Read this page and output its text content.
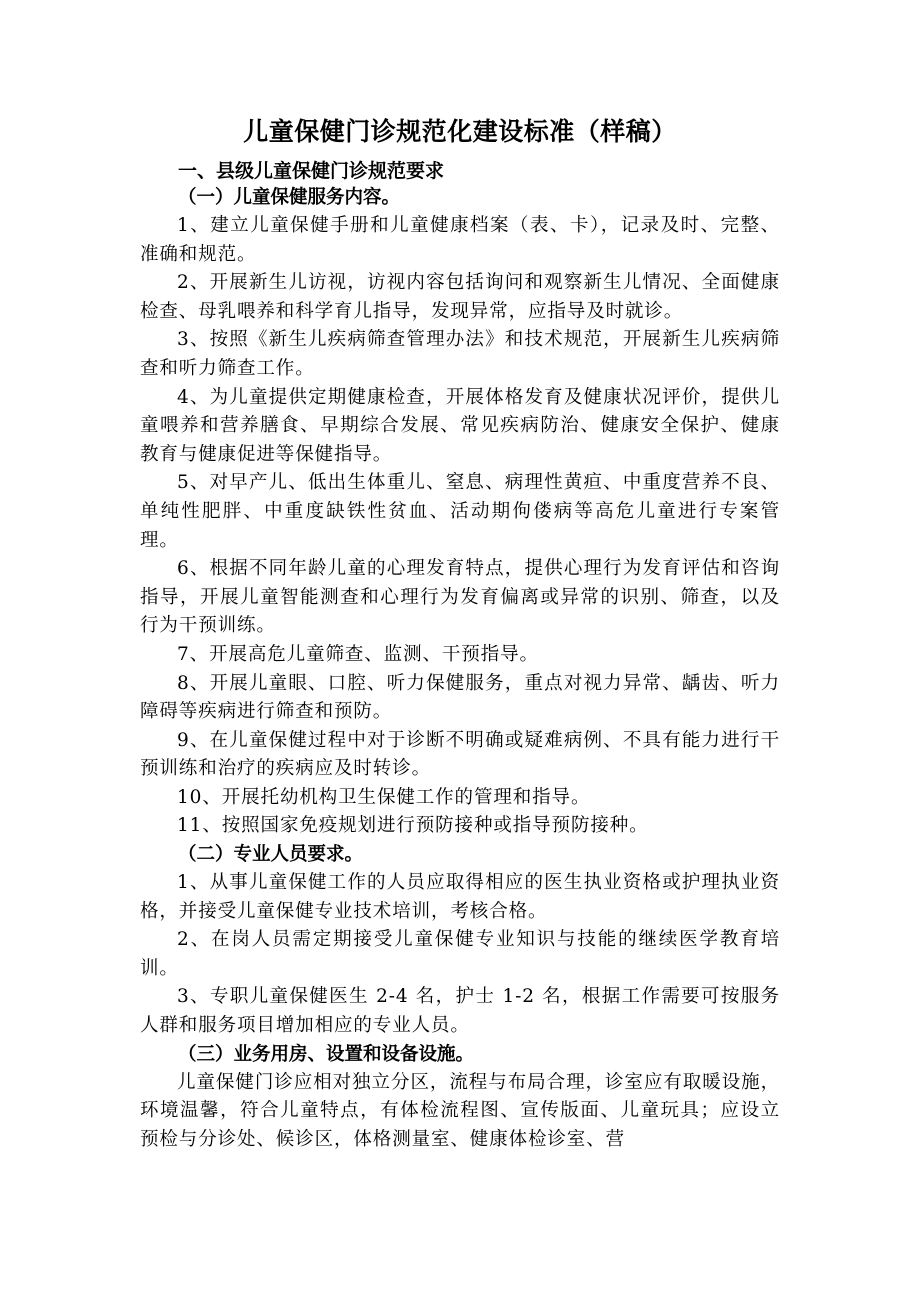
儿童保健门诊规范化建设标准（样稿）

一、县级儿童保健门诊规范要求

（一）儿童保健服务内容。

1、建立儿童保健手册和儿童健康档案（表、卡），记录及时、完整、准确和规范。

2、开展新生儿访视，访视内容包括询问和观察新生儿情况、全面健康检查、母乳喂养和科学育儿指导，发现异常，应指导及时就诊。

3、按照《新生儿疾病筛查管理办法》和技术规范，开展新生儿疾病筛查和听力筛查工作。

4、为儿童提供定期健康检查，开展体格发育及健康状况评价，提供儿童喂养和营养膳食、早期综合发展、常见疾病防治、健康安全保护、健康教育与健康促进等保健指导。

5、对早产儿、低出生体重儿、窒息、病理性黄疸、中重度营养不良、单纯性肥胖、中重度缺铁性贫血、活动期佝偻病等高危儿童进行专案管理。

6、根据不同年龄儿童的心理发育特点，提供心理行为发育评估和咨询指导，开展儿童智能测查和心理行为发育偏离或异常的识别、筛查，以及行为干预训练。

7、开展高危儿童筛查、监测、干预指导。

8、开展儿童眼、口腔、听力保健服务，重点对视力异常、龋齿、听力障碍等疾病进行筛查和预防。

9、在儿童保健过程中对于诊断不明确或疑难病例、不具有能力进行干预训练和治疗的疾病应及时转诊。

10、开展托幼机构卫生保健工作的管理和指导。

11、按照国家免疫规划进行预防接种或指导预防接种。

（二）专业人员要求。

1、从事儿童保健工作的人员应取得相应的医生执业资格或护理执业资格，并接受儿童保健专业技术培训，考核合格。

2、在岗人员需定期接受儿童保健专业知识与技能的继续医学教育培训。

3、专职儿童保健医生 2-4 名，护士 1-2 名，根据工作需要可按服务人群和服务项目增加相应的专业人员。

（三）业务用房、设置和设备设施。

儿童保健门诊应相对独立分区，流程与布局合理，诊室应有取暖设施，环境温馨，符合儿童特点，有体检流程图、宣传版面、儿童玩具；应设立预检与分诊处、候诊区，体格测量室、健康体检诊室、营
